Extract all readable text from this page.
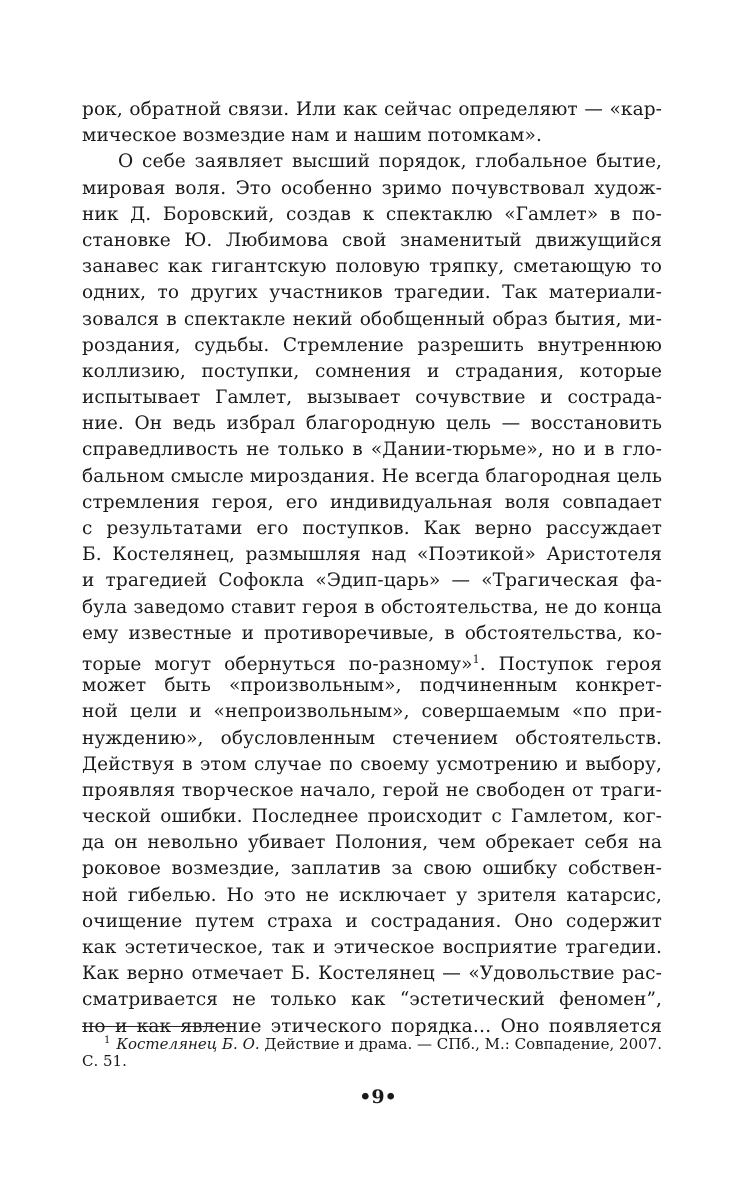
рок, обратной связи. Или как сейчас определяют — «кар-
мическое возмездие нам и нашим потомкам».
О себе заявляет высший порядок, глобальное бытие,
мировая воля. Это особенно зримо почувствовал худож-
ник Д. Боровский, создав к спектаклю «Гамлет» в по-
становке Ю. Любимова свой знаменитый движущийся
занавес как гигантскую половую тряпку, сметающую то
одних, то других участников трагедии. Так материали-
зовался в спектакле некий обобщенный образ бытия, ми-
роздания, судьбы. Стремление разрешить внутреннюю
коллизию, поступки, сомнения и страдания, которые
испытывает Гамлет, вызывает сочувствие и сострада-
ние. Он ведь избрал благородную цель — восстановить
справедливость не только в «Дании-тюрьме», но и в гло-
бальном смысле мироздания. Не всегда благородная цель
стремления героя, его индивидуальная воля совпадает
с результатами его поступков. Как верно рассуждает
Б. Костелянец, размышляя над «Поэтикой» Аристотеля
и трагедией Софокла «Эдип-царь» — «Трагическая фа-
була заведомо ставит героя в обстоятельства, не до конца
ему известные и противоречивые, в обстоятельства, ко-
торые могут обернуться по-разному»$^1$. Поступок героя
может быть «произвольным», подчиненным конкрет-
ной цели и «непроизвольным», совершаемым «по при-
нуждению», обусловленным стечением обстоятельств.
Действуя в этом случае по своему усмотрению и выбору,
проявляя творческое начало, герой не свободен от траги-
ческой ошибки. Последнее происходит с Гамлетом, ког-
да он невольно убивает Полония, чем обрекает себя на
роковое возмездие, заплатив за свою ошибку собствен-
ной гибелью. Но это не исключает у зрителя катарсис,
очищение путем страха и сострадания. Оно содержит
как эстетическое, так и этическое восприятие трагедии.
Как верно отмечает Б. Костелянец — «Удовольствие рас-
сматривается не только как “эстетический феномен”,
но и как явление этического порядка… Оно появляется
$^1$ Костелянец Б. О. Действие и драма. — СПб., М.: Совпадение, 2007.
С. 51.
•9•
